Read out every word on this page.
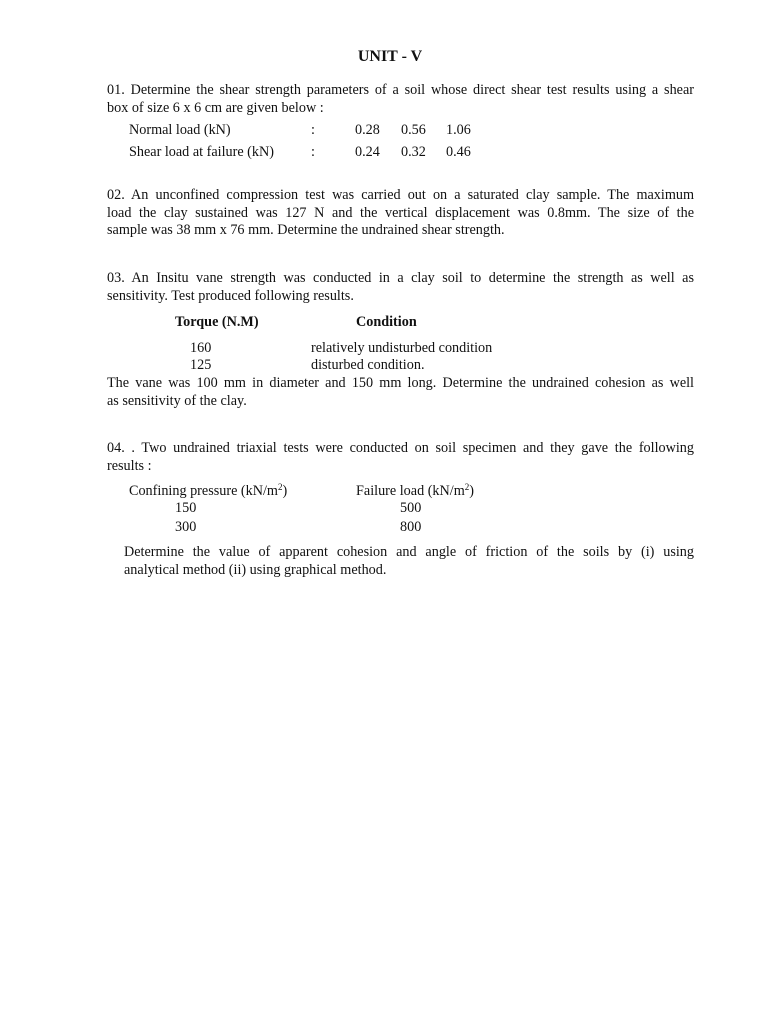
UNIT - V
01. Determine the shear strength parameters of a soil whose direct shear test results using a shear
box of size 6 x 6 cm are given below :
Normal load (kN)	:	0.28 0.56 1.06
Shear load at failure (kN)	:	0.24 0.32 0.46
02. An unconfined compression test was carried out on a saturated clay sample. The maximum
load the clay sustained was 127 N and the vertical displacement was 0.8mm. The size of the
sample was 38 mm x 76 mm. Determine the undrained shear strength.
03. An Insitu vane strength was conducted in a clay soil to determine the strength as well as
sensitivity. Test produced following results.
Torque (N.M)	Condition
160	relatively undisturbed condition
125	disturbed condition.
The vane was 100 mm in diameter and 150 mm long. Determine the undrained cohesion as well
as sensitivity of the clay.
04. . Two undrained triaxial tests were conducted on soil specimen and they gave the following
results :
Confining pressure $(kN/m^2)$	Failure load $(kN/m^2)$
150	500
300	800
Determine the value of apparent cohesion and angle of friction of the soils by (i) using
analytical method (ii) using graphical method.
